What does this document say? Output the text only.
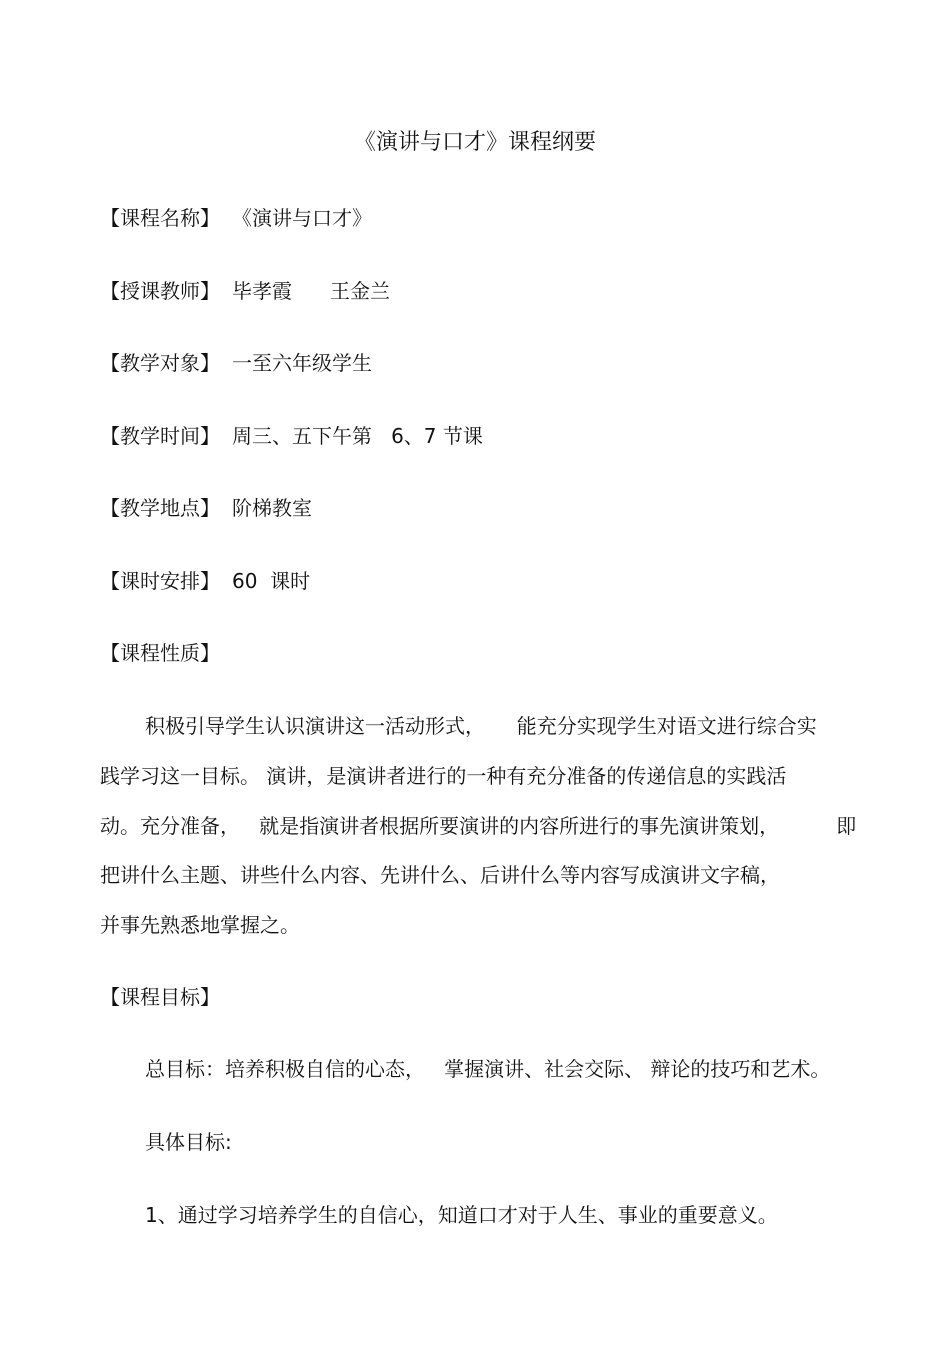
《演讲与口才》课程纲要
【课程名称】 《演讲与口才》
【授课教师】 毕孝霞 王金兰
【教学对象】 一至六年级学生
【教学时间】 周三、五下午第   6、7 节课
【教学地点】 阶梯教室
【课时安排】 60  课时
【课程性质】
积极引导学生认识演讲这一活动形式，     能充分实现学生对语文进行综合实
践学习这一目标。 演讲，是演讲者进行的一种有充分准备的传递信息的实践活
动。充分准备，   就是指演讲者根据所要演讲的内容所进行的事先演讲策划，         即
把讲什么主题、讲些什么内容、先讲什么、后讲什么等内容写成演讲文字稿，
并事先熟悉地掌握之。
【课程目标】
总目标：培养积极自信的心态，   掌握演讲、社会交际、 辩论的技巧和艺术。
具体目标:
1、通过学习培养学生的自信心，知道口才对于人生、事业的重要意义。
